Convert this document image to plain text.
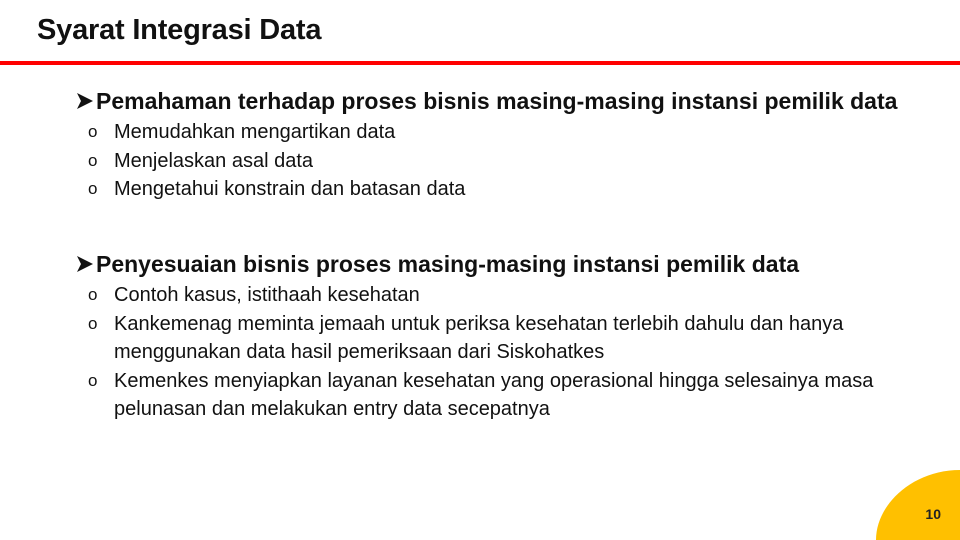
Syarat Integrasi Data
Pemahaman terhadap proses bisnis masing-masing instansi pemilik data
o Memudahkan mengartikan data
o Menjelaskan asal data
o Mengetahui konstrain dan batasan data
Penyesuaian bisnis proses masing-masing instansi pemilik data
o Contoh kasus, istithaah kesehatan
o Kankemenag meminta jemaah untuk periksa kesehatan terlebih dahulu dan hanya menggunakan data hasil pemeriksaan dari Siskohatkes
o Kemenkes menyiapkan layanan kesehatan yang operasional hingga selesainya masa pelunasan dan melakukan entry data secepatnya
10
